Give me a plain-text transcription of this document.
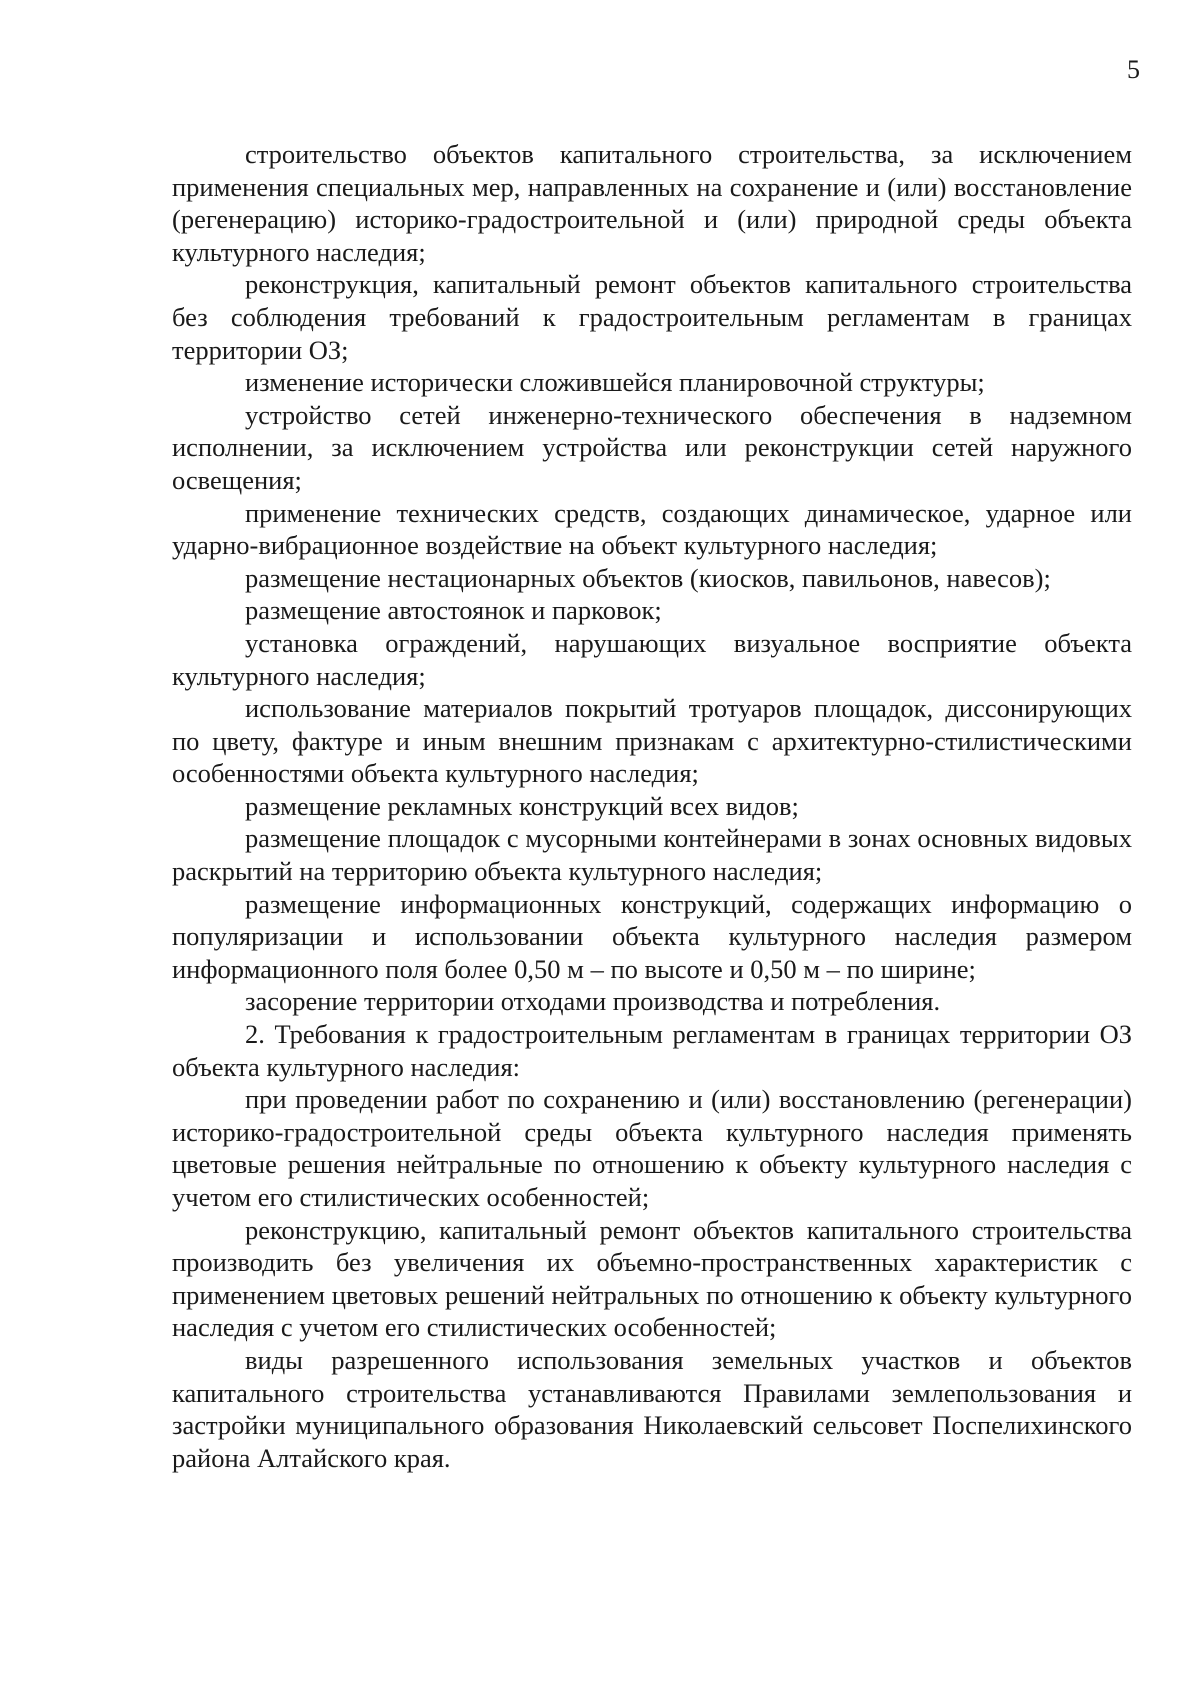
5

строительство объектов капитального строительства, за исключением применения специальных мер, направленных на сохранение и (или) восстановление (регенерацию) историко-градостроительной и (или) природной среды объекта культурного наследия;

реконструкция, капитальный ремонт объектов капитального строительства без соблюдения требований к градостроительным регламентам в границах территории ОЗ;

изменение исторически сложившейся планировочной структуры;

устройство сетей инженерно-технического обеспечения в надземном исполнении, за исключением устройства или реконструкции сетей наружного освещения;

применение технических средств, создающих динамическое, ударное или ударно-вибрационное воздействие на объект культурного наследия;

размещение нестационарных объектов (киосков, павильонов, навесов);

размещение автостоянок и парковок;

установка ограждений, нарушающих визуальное восприятие объекта культурного наследия;

использование материалов покрытий тротуаров площадок, диссонирующих по цвету, фактуре и иным внешним признакам с архитектурно-стилистическими особенностями объекта культурного наследия;

размещение рекламных конструкций всех видов;

размещение площадок с мусорными контейнерами в зонах основных видовых раскрытий на территорию объекта культурного наследия;

размещение информационных конструкций, содержащих информацию о популяризации и использовании объекта культурного наследия размером информационного поля более 0,50 м – по высоте и 0,50 м – по ширине;

засорение территории отходами производства и потребления.

2. Требования к градостроительным регламентам в границах территории ОЗ объекта культурного наследия:

при проведении работ по сохранению и (или) восстановлению (регенерации) историко-градостроительной среды объекта культурного наследия применять цветовые решения нейтральные по отношению к объекту культурного наследия с учетом его стилистических особенностей;

реконструкцию, капитальный ремонт объектов капитального строительства производить без увеличения их объемно-пространственных характеристик с применением цветовых решений нейтральных по отношению к объекту культурного наследия с учетом его стилистических особенностей;

виды разрешенного использования земельных участков и объектов капитального строительства устанавливаются Правилами землепользования и застройки муниципального образования Николаевский сельсовет Поспелихинского района Алтайского края.
